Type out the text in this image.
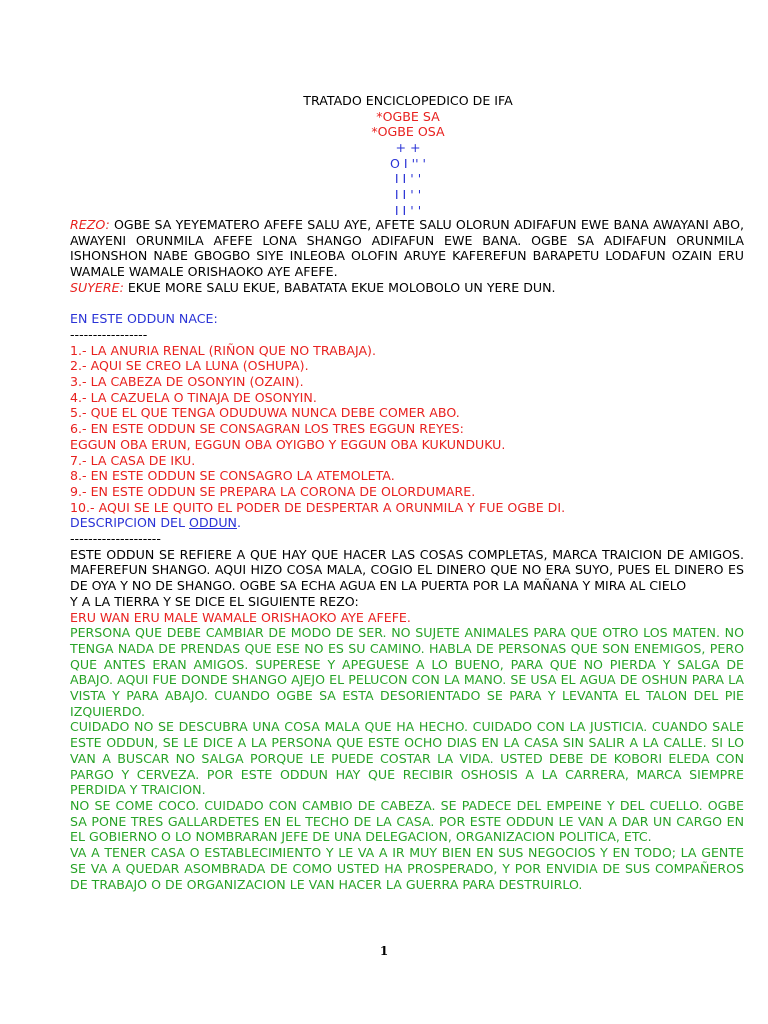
TRATADO ENCICLOPEDICO DE IFA
*OGBE SA
*OGBE OSA
+ +
O I '' '
I I ' '
I I ' '
I I ' '

REZO: OGBE SA YEYEMATERO AFEFE SALU AYE, AFETE SALU OLORUN ADIFAFUN EWE BANA AWAYANI ABO, AWAYENI ORUNMILA AFEFE LONA SHANGO ADIFAFUN EWE BANA. OGBE SA ADIFAFUN ORUNMILA ISHONSHON NABE GBOGBO SIYE INLEOBA OLOFIN ARUYE KAFEREFUN BARAPETU LODAFUN OZAIN ERU WAMALE WAMALE ORISHAOKO AYE AFEFE.

SUYERE: EKUE MORE SALU EKUE, BABATATA EKUE MOLOBOLO UN YERE DUN.

EN ESTE ODDUN NACE:

-----------------

1.- LA ANURIA RENAL (RIÑON QUE NO TRABAJA).

2.- AQUI SE CREO LA LUNA (OSHUPA).

3.- LA CABEZA DE OSONYIN (OZAIN).

4.- LA CAZUELA O TINAJA DE OSONYIN.

5.- QUE EL QUE TENGA ODUDUWA NUNCA DEBE COMER ABO.

6.- EN ESTE ODDUN SE CONSAGRAN LOS TRES EGGUN REYES:

EGGUN OBA ERUN, EGGUN OBA OYIGBO Y EGGUN OBA KUKUNDUKU.

7.- LA CASA DE IKU.

8.- EN ESTE ODDUN SE CONSAGRO LA ATEMOLETA.

9.- EN ESTE ODDUN SE PREPARA LA CORONA DE OLORDUMARE.

10.- AQUI SE LE QUITO EL PODER DE DESPERTAR A ORUNMILA Y FUE OGBE DI.

DESCRIPCION DEL ODDUN.

--------------------

ESTE ODDUN SE REFIERE A QUE HAY QUE HACER LAS COSAS COMPLETAS, MARCA TRAICION DE AMIGOS. MAFEREFUN SHANGO. AQUI HIZO COSA MALA, COGIO EL DINERO QUE NO ERA SUYO, PUES EL DINERO ES DE OYA Y NO DE SHANGO. OGBE SA ECHA AGUA EN LA PUERTA POR LA MAÑANA Y MIRA AL CIELO

Y A LA TIERRA Y SE DICE EL SIGUIENTE REZO:

ERU WAN ERU MALE WAMALE ORISHAOKO AYE AFEFE.

PERSONA QUE DEBE CAMBIAR DE MODO DE SER. NO SUJETE ANIMALES PARA QUE OTRO LOS MATEN. NO TENGA NADA DE PRENDAS QUE ESE NO ES SU CAMINO. HABLA DE PERSONAS QUE SON ENEMIGOS, PERO QUE ANTES ERAN AMIGOS. SUPERESE Y APEGUESE A LO BUENO, PARA QUE NO PIERDA Y SALGA DE ABAJO. AQUI FUE DONDE SHANGO AJEJO EL PELUCON CON LA MANO. SE USA EL AGUA DE OSHUN PARA LA VISTA Y PARA ABAJO. CUANDO OGBE SA ESTA DESORIENTADO SE PARA Y LEVANTA EL TALON DEL PIE IZQUIERDO.

CUIDADO NO SE DESCUBRA UNA COSA MALA QUE HA HECHO. CUIDADO CON LA JUSTICIA. CUANDO SALE ESTE ODDUN, SE LE DICE A LA PERSONA QUE ESTE OCHO DIAS EN LA CASA SIN SALIR A LA CALLE. SI LO VAN A BUSCAR NO SALGA PORQUE LE PUEDE COSTAR LA VIDA. USTED DEBE DE KOBORI ELEDA CON PARGO Y CERVEZA. POR ESTE ODDUN HAY QUE RECIBIR OSHOSIS A LA CARRERA, MARCA SIEMPRE PERDIDA Y TRAICION.

NO SE COME COCO. CUIDADO CON CAMBIO DE CABEZA. SE PADECE DEL EMPEINE Y DEL CUELLO. OGBE SA PONE TRES GALLARDETES EN EL TECHO DE LA CASA. POR ESTE ODDUN LE VAN A DAR UN CARGO EN EL GOBIERNO O LO NOMBRARAN JEFE DE UNA DELEGACION, ORGANIZACION POLITICA, ETC.

VA A TENER CASA O ESTABLECIMIENTO Y LE VA A IR MUY BIEN EN SUS NEGOCIOS Y EN TODO; LA GENTE SE VA A QUEDAR ASOMBRADA DE COMO USTED HA PROSPERADO, Y POR ENVIDIA DE SUS COMPAÑEROS DE TRABAJO O DE ORGANIZACION LE VAN HACER LA GUERRA PARA DESTRUIRLO.

1
